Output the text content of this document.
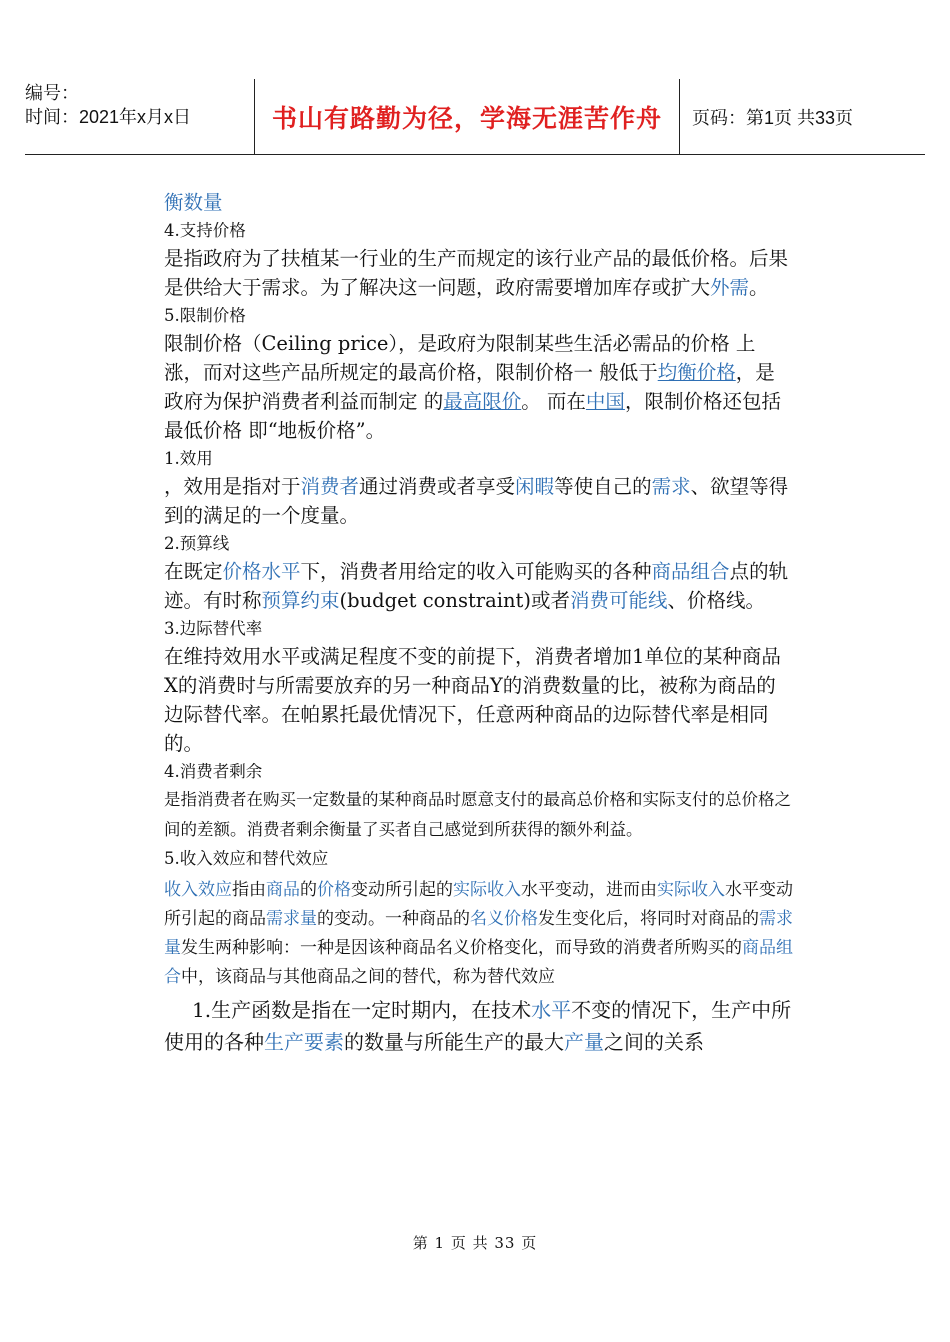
编号：
时间：2021年x月x日	书山有路勤为径，学海无涯苦作舟	页码：第1页 共33页

衡数量

4.支持价格

是指政府为了扶植某一行业的生产而规定的该行业产品的最低价格。后果是供给大于需求。为了解决这一问题，政府需要增加库存或扩大外需。

5.限制价格

限制价格（Ceiling price），是政府为限制某些生活必需品的价格 上涨，而对这些产品所规定的最高价格，限制价格一 般低于均衡价格，是政府为保护消费者利益而制定 的最高限价。 而在中国，限制价格还包括最低价格 即“地板价格”。

1.效用

，效用是指对于消费者通过消费或者享受闲暇等使自己的需求、欲望等得到的满足的一个度量。

2.预算线

在既定价格水平下，消费者用给定的收入可能购买的各种商品组合点的轨迹。有时称预算约束(budget constraint)或者消费可能线、价格线。

3.边际替代率

在维持效用水平或满足程度不变的前提下，消费者增加1单位的某种商品X的消费时与所需要放弃的另一种商品Y的消费数量的比，被称为商品的边际替代率。在帕累托最优情况下，任意两种商品的边际替代率是相同的。

4.消费者剩余

是指消费者在购买一定数量的某种商品时愿意支付的最高总价格和实际支付的总价格之间的差额。消费者剩余衡量了买者自己感觉到所获得的额外利益。

5.收入效应和替代效应

收入效应指由商品的价格变动所引起的实际收入水平变动，进而由实际收入水平变动所引起的商品需求量的变动。一种商品的名义价格发生变化后，将同时对商品的需求量发生两种影响：一种是因该种商品名义价格变化，而导致的消费者所购买的商品组合中，该商品与其他商品之间的替代，称为替代效应

1.生产函数是指在一定时期内，在技术水平不变的情况下，生产中所使用的各种生产要素的数量与所能生产的最大产量之间的关系

第 1 页 共 33 页
